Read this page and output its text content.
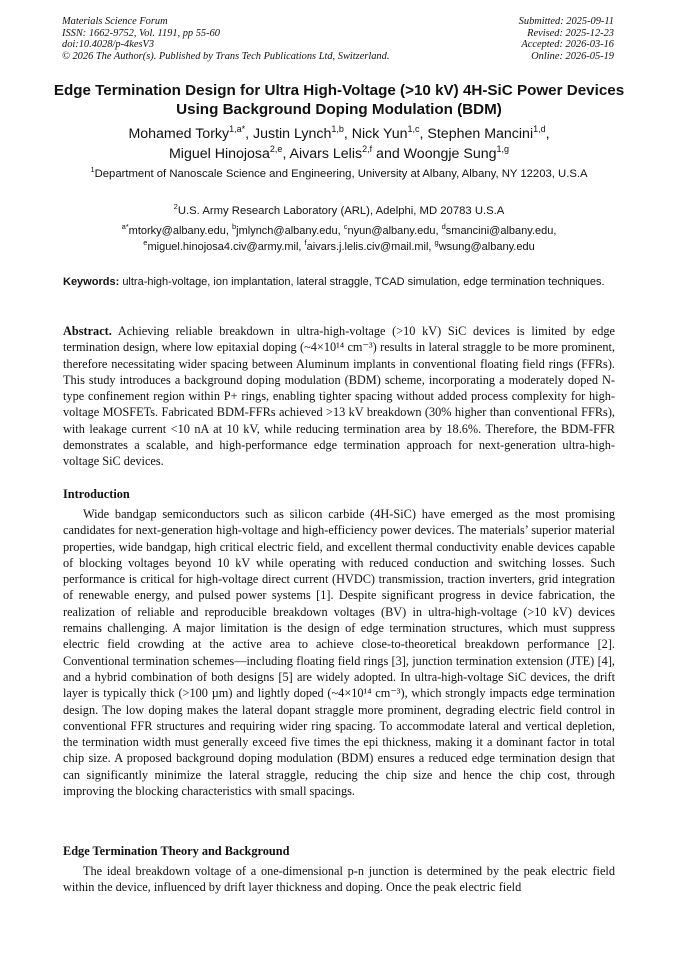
Materials Science Forum
ISSN: 1662-9752, Vol. 1191, pp 55-60
doi:10.4028/p-4kesV3
© 2026 The Author(s). Published by Trans Tech Publications Ltd, Switzerland.
Submitted: 2025-09-11
Revised: 2025-12-23
Accepted: 2026-03-16
Online: 2026-05-19
Edge Termination Design for Ultra High-Voltage (>10 kV) 4H-SiC Power Devices Using Background Doping Modulation (BDM)
Mohamed Torky$^{1,a*}$, Justin Lynch$^{1,b}$, Nick Yun$^{1,c}$, Stephen Mancini$^{1,d}$,
Miguel Hinojosa$^{2,e}$, Aivars Lelis$^{2,f}$ and Woongje Sung$^{1,g}$
$^1$Department of Nanoscale Science and Engineering, University at Albany, Albany, NY 12203, U.S.A
$^2$U.S. Army Research Laboratory (ARL), Adelphi, MD 20783 U.S.A
$^{a*}$mtorky@albany.edu, $^b$jmlynch@albany.edu, $^c$nyun@albany.edu, $^d$smancini@albany.edu,
$^e$miguel.hinojosa4.civ@army.mil, $^f$aivars.j.lelis.civ@mail.mil, $^g$wsung@albany.edu
Keywords: ultra-high-voltage, ion implantation, lateral straggle, TCAD simulation, edge termination techniques.
Abstract. Achieving reliable breakdown in ultra-high-voltage (>10 kV) SiC devices is limited by edge termination design, where low epitaxial doping (~4×10¹⁴ cm⁻³) results in lateral straggle to be more prominent, therefore necessitating wider spacing between Aluminum implants in conventional floating field rings (FFRs). This study introduces a background doping modulation (BDM) scheme, incorporating a moderately doped N-type confinement region within P+ rings, enabling tighter spacing without added process complexity for high-voltage MOSFETs. Fabricated BDM-FFRs achieved >13 kV breakdown (30% higher than conventional FFRs), with leakage current <10 nA at 10 kV, while reducing termination area by 18.6%. Therefore, the BDM-FFR demonstrates a scalable, and high-performance edge termination approach for next-generation ultra-high-voltage SiC devices.
Introduction

Wide bandgap semiconductors such as silicon carbide (4H-SiC) have emerged as the most promising candidates for next-generation high-voltage and high-efficiency power devices. The materials’ superior material properties, wide bandgap, high critical electric field, and excellent thermal conductivity enable devices capable of blocking voltages beyond 10 kV while operating with reduced conduction and switching losses. Such performance is critical for high-voltage direct current (HVDC) transmission, traction inverters, grid integration of renewable energy, and pulsed power systems [1]. Despite significant progress in device fabrication, the realization of reliable and reproducible breakdown voltages (BV) in ultra-high-voltage (>10 kV) devices remains challenging. A major limitation is the design of edge termination structures, which must suppress electric field crowding at the active area to achieve close-to-theoretical breakdown performance [2]. Conventional termination schemes—including floating field rings [3], junction termination extension (JTE) [4], and a hybrid combination of both designs [5] are widely adopted. In ultra-high-voltage SiC devices, the drift layer is typically thick (>100 µm) and lightly doped (~4×10¹⁴ cm⁻³), which strongly impacts edge termination design. The low doping makes the lateral dopant straggle more prominent, degrading electric field control in conventional FFR structures and requiring wider ring spacing. To accommodate lateral and vertical depletion, the termination width must generally exceed five times the epi thickness, making it a dominant factor in total chip size. A proposed background doping modulation (BDM) ensures a reduced edge termination design that can significantly minimize the lateral straggle, reducing the chip size and hence the chip cost, through improving the blocking characteristics with small spacings.

Edge Termination Theory and Background

The ideal breakdown voltage of a one-dimensional p-n junction is determined by the peak electric field within the device, influenced by drift layer thickness and doping. Once the peak electric field
